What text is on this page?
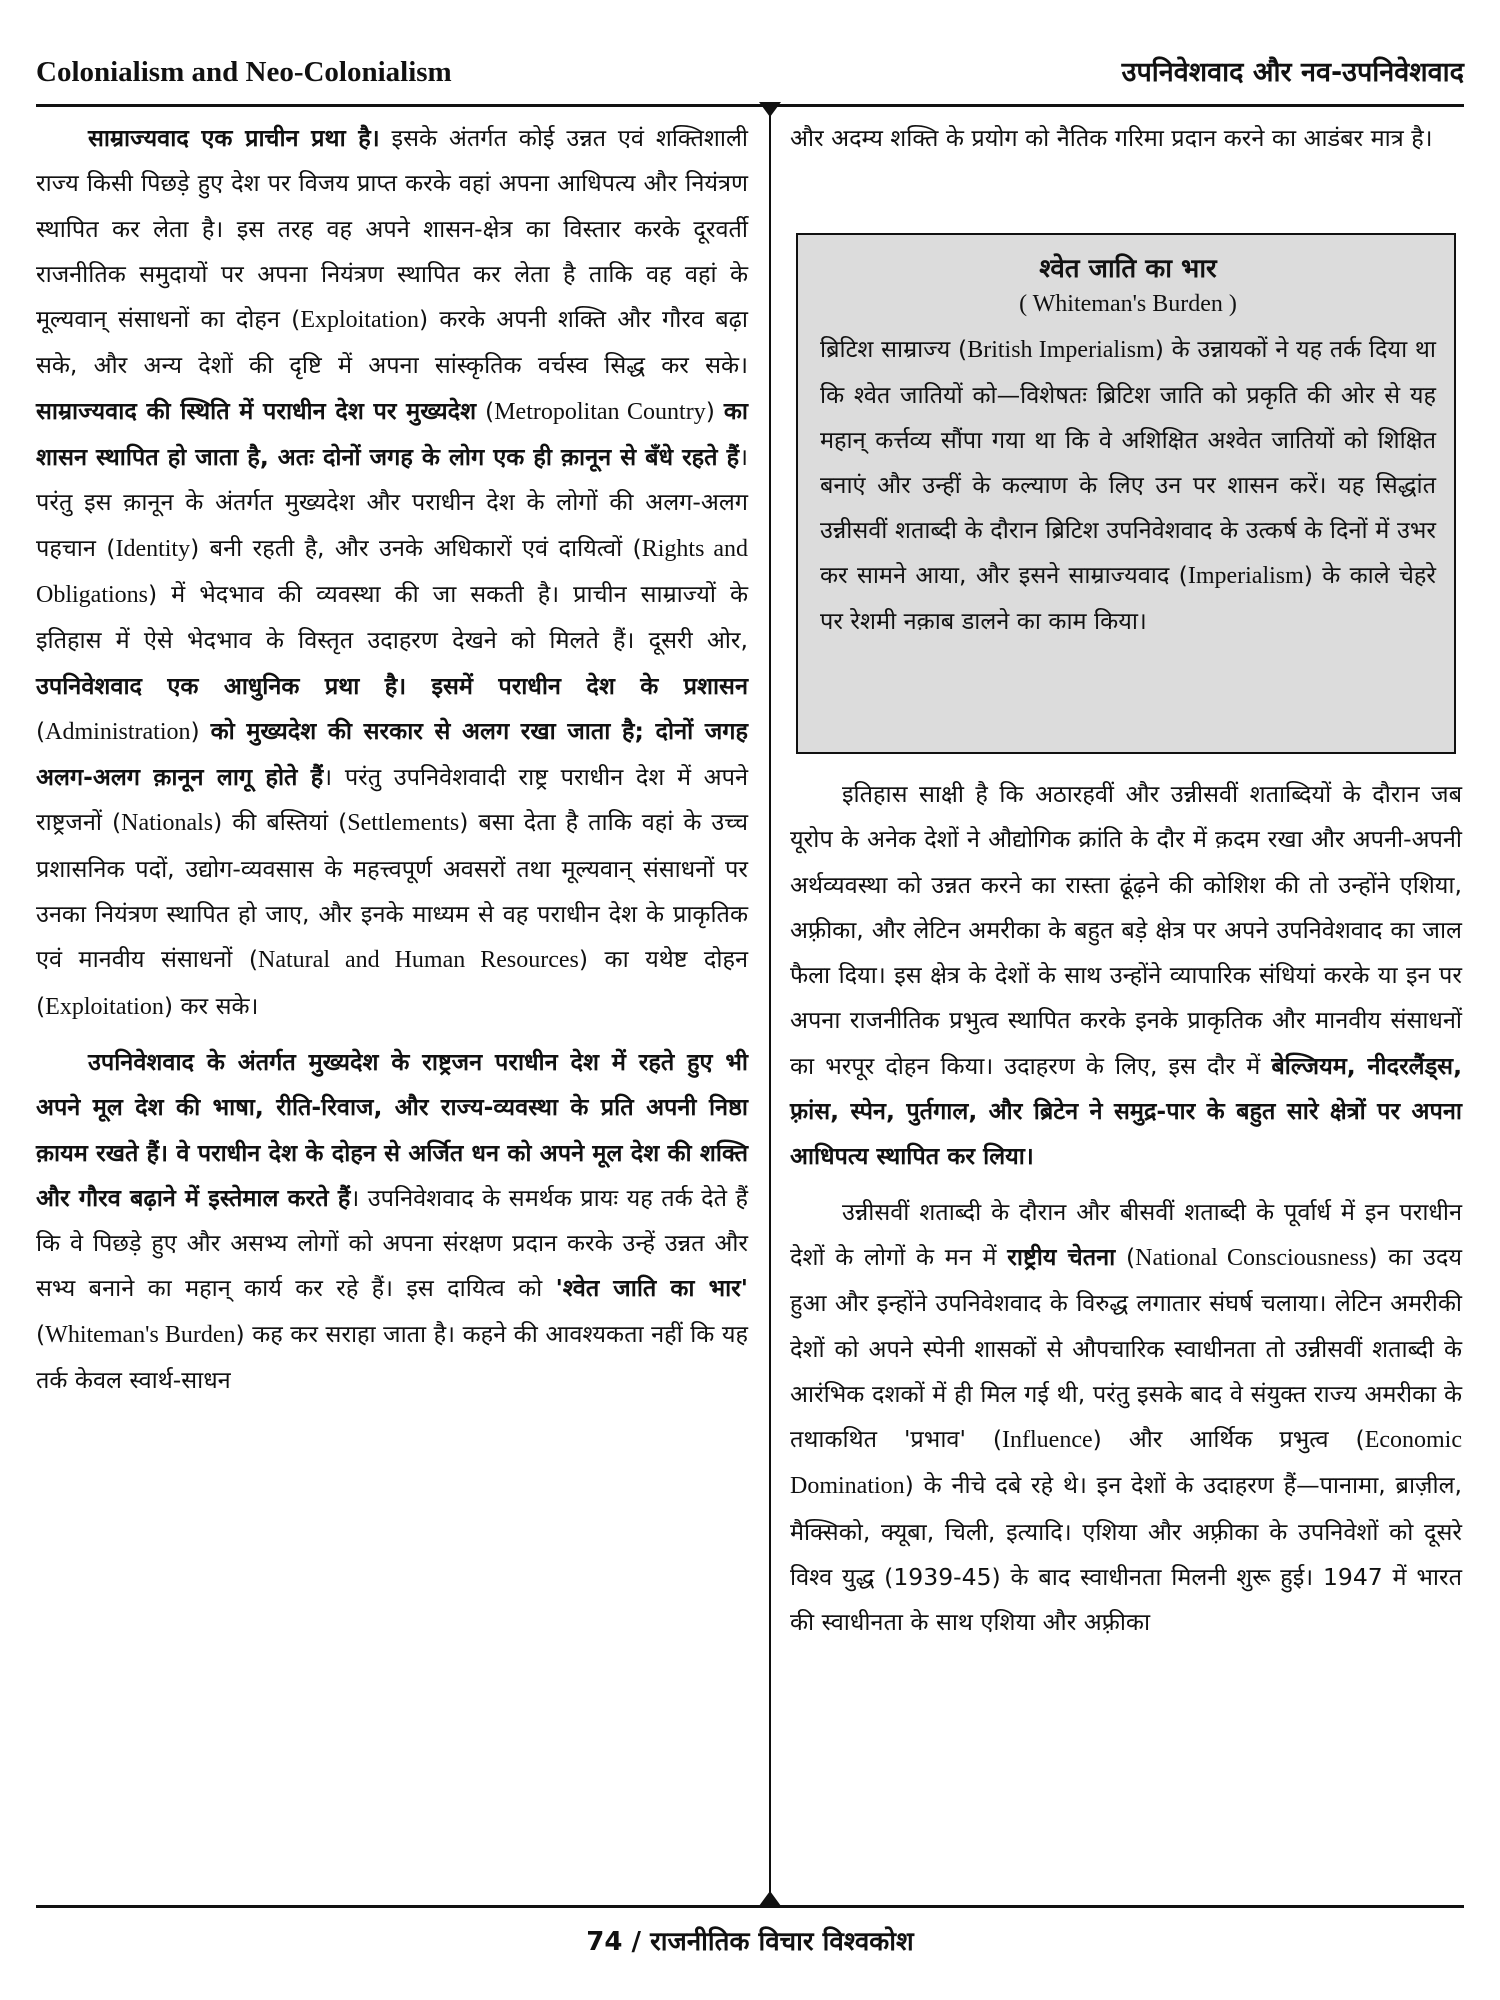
Colonialism and Neo-Colonialism	उपनिवेशवाद और नव-उपनिवेशवाद

साम्राज्यवाद एक प्राचीन प्रथा है। इसके अंतर्गत कोई उन्नत एवं शक्तिशाली राज्य किसी पिछड़े हुए देश पर विजय प्राप्त करके वहां अपना आधिपत्य और नियंत्रण स्थापित कर लेता है। इस तरह वह अपने शासन-क्षेत्र का विस्तार करके दूरवर्ती राजनीतिक समुदायों पर अपना नियंत्रण स्थापित कर लेता है ताकि वह वहां के मूल्यवान् संसाधनों का दोहन (Exploitation) करके अपनी शक्ति और गौरव बढ़ा सके, और अन्य देशों की दृष्टि में अपना सांस्कृतिक वर्चस्व सिद्ध कर सके। साम्राज्यवाद की स्थिति में पराधीन देश पर मुख्यदेश (Metropolitan Country) का शासन स्थापित हो जाता है, अतः दोनों जगह के लोग एक ही क़ानून से बँधे रहते हैं। परंतु इस क़ानून के अंतर्गत मुख्यदेश और पराधीन देश के लोगों की अलग-अलग पहचान (Identity) बनी रहती है, और उनके अधिकारों एवं दायित्वों (Rights and Obligations) में भेदभाव की व्यवस्था की जा सकती है। प्राचीन साम्राज्यों के इतिहास में ऐसे भेदभाव के विस्तृत उदाहरण देखने को मिलते हैं। दूसरी ओर, उपनिवेशवाद एक आधुनिक प्रथा है। इसमें पराधीन देश के प्रशासन (Administration) को मुख्यदेश की सरकार से अलग रखा जाता है; दोनों जगह अलग-अलग क़ानून लागू होते हैं। परंतु उपनिवेशवादी राष्ट्र पराधीन देश में अपने राष्ट्रजनों (Nationals) की बस्तियां (Settlements) बसा देता है ताकि वहां के उच्च प्रशासनिक पदों, उद्योग-व्यवसास के महत्त्वपूर्ण अवसरों तथा मूल्यवान् संसाधनों पर उनका नियंत्रण स्थापित हो जाए, और इनके माध्यम से वह पराधीन देश के प्राकृतिक एवं मानवीय संसाधनों (Natural and Human Resources) का यथेष्ट दोहन (Exploitation) कर सके।

उपनिवेशवाद के अंतर्गत मुख्यदेश के राष्ट्रजन पराधीन देश में रहते हुए भी अपने मूल देश की भाषा, रीति-रिवाज, और राज्य-व्यवस्था के प्रति अपनी निष्ठा क़ायम रखते हैं। वे पराधीन देश के दोहन से अर्जित धन को अपने मूल देश की शक्ति और गौरव बढ़ाने में इस्तेमाल करते हैं। उपनिवेशवाद के समर्थक प्रायः यह तर्क देते हैं कि वे पिछड़े हुए और असभ्य लोगों को अपना संरक्षण प्रदान करके उन्हें उन्नत और सभ्य बनाने का महान् कार्य कर रहे हैं। इस दायित्व को 'श्वेत जाति का भार' (Whiteman's Burden) कह कर सराहा जाता है। कहने की आवश्यकता नहीं कि यह तर्क केवल स्वार्थ-साधन

और अदम्य शक्ति के प्रयोग को नैतिक गरिमा प्रदान करने का आडंबर मात्र है।

श्वेत जाति का भार
( Whiteman's Burden )

ब्रिटिश साम्राज्य (British Imperialism) के उन्नायकों ने यह तर्क दिया था कि श्वेत जातियों को—विशेषतः ब्रिटिश जाति को प्रकृति की ओर से यह महान् कर्त्तव्य सौंपा गया था कि वे अशिक्षित अश्वेत जातियों को शिक्षित बनाएं और उन्हीं के कल्याण के लिए उन पर शासन करें। यह सिद्धांत उन्नीसवीं शताब्दी के दौरान ब्रिटिश उपनिवेशवाद के उत्कर्ष के दिनों में उभर कर सामने आया, और इसने साम्राज्यवाद (Imperialism) के काले चेहरे पर रेशमी नक़ाब डालने का काम किया।

इतिहास साक्षी है कि अठारहवीं और उन्नीसवीं शताब्दियों के दौरान जब यूरोप के अनेक देशों ने औद्योगिक क्रांति के दौर में क़दम रखा और अपनी-अपनी अर्थव्यवस्था को उन्नत करने का रास्ता ढूंढ़ने की कोशिश की तो उन्होंने एशिया, अफ़्रीका, और लेटिन अमरीका के बहुत बड़े क्षेत्र पर अपने उपनिवेशवाद का जाल फैला दिया। इस क्षेत्र के देशों के साथ उन्होंने व्यापारिक संधियां करके या इन पर अपना राजनीतिक प्रभुत्व स्थापित करके इनके प्राकृतिक और मानवीय संसाधनों का भरपूर दोहन किया। उदाहरण के लिए, इस दौर में बेल्जियम, नीदरलैंड्स, फ़्रांस, स्पेन, पुर्तगाल, और ब्रिटेन ने समुद्र-पार के बहुत सारे क्षेत्रों पर अपना आधिपत्य स्थापित कर लिया।

उन्नीसवीं शताब्दी के दौरान और बीसवीं शताब्दी के पूर्वार्ध में इन पराधीन देशों के लोगों के मन में राष्ट्रीय चेतना (National Consciousness) का उदय हुआ और इन्होंने उपनिवेशवाद के विरुद्ध लगातार संघर्ष चलाया। लेटिन अमरीकी देशों को अपने स्पेनी शासकों से औपचारिक स्वाधीनता तो उन्नीसवीं शताब्दी के आरंभिक दशकों में ही मिल गई थी, परंतु इसके बाद वे संयुक्त राज्य अमरीका के तथाकथित 'प्रभाव' (Influence) और आर्थिक प्रभुत्व (Economic Domination) के नीचे दबे रहे थे। इन देशों के उदाहरण हैं—पानामा, ब्राज़ील, मैक्सिको, क्यूबा, चिली, इत्यादि। एशिया और अफ़्रीका के उपनिवेशों को दूसरे विश्व युद्ध (1939-45) के बाद स्वाधीनता मिलनी शुरू हुई। 1947 में भारत की स्वाधीनता के साथ एशिया और अफ़्रीका

74 / राजनीतिक विचार विश्वकोश
